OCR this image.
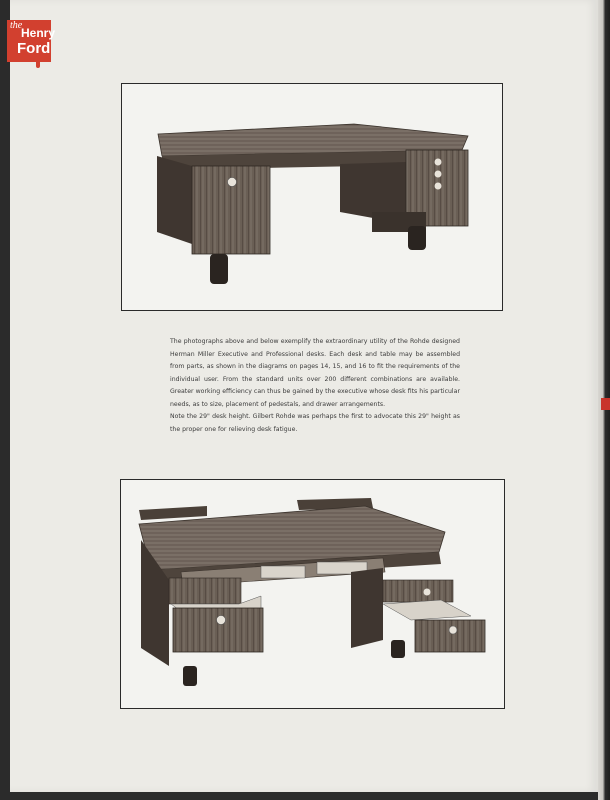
the
Henry
Ford

The photographs above and below exemplify the extraordinary utility of the Rohde designed Herman Miller Executive and Professional desks. Each desk and table may be assembled from parts, as shown in the diagrams on pages 14, 15, and 16 to fit the requirements of the individual user. From the standard units over 200 different combinations are available. Greater working efficiency can thus be gained by the executive whose desk fits his particular needs, as to size, placement of pedestals, and drawer arrangements.

Note the 29" desk height. Gilbert Rohde was perhaps the first to advocate this 29" height as the proper one for relieving desk fatigue.
